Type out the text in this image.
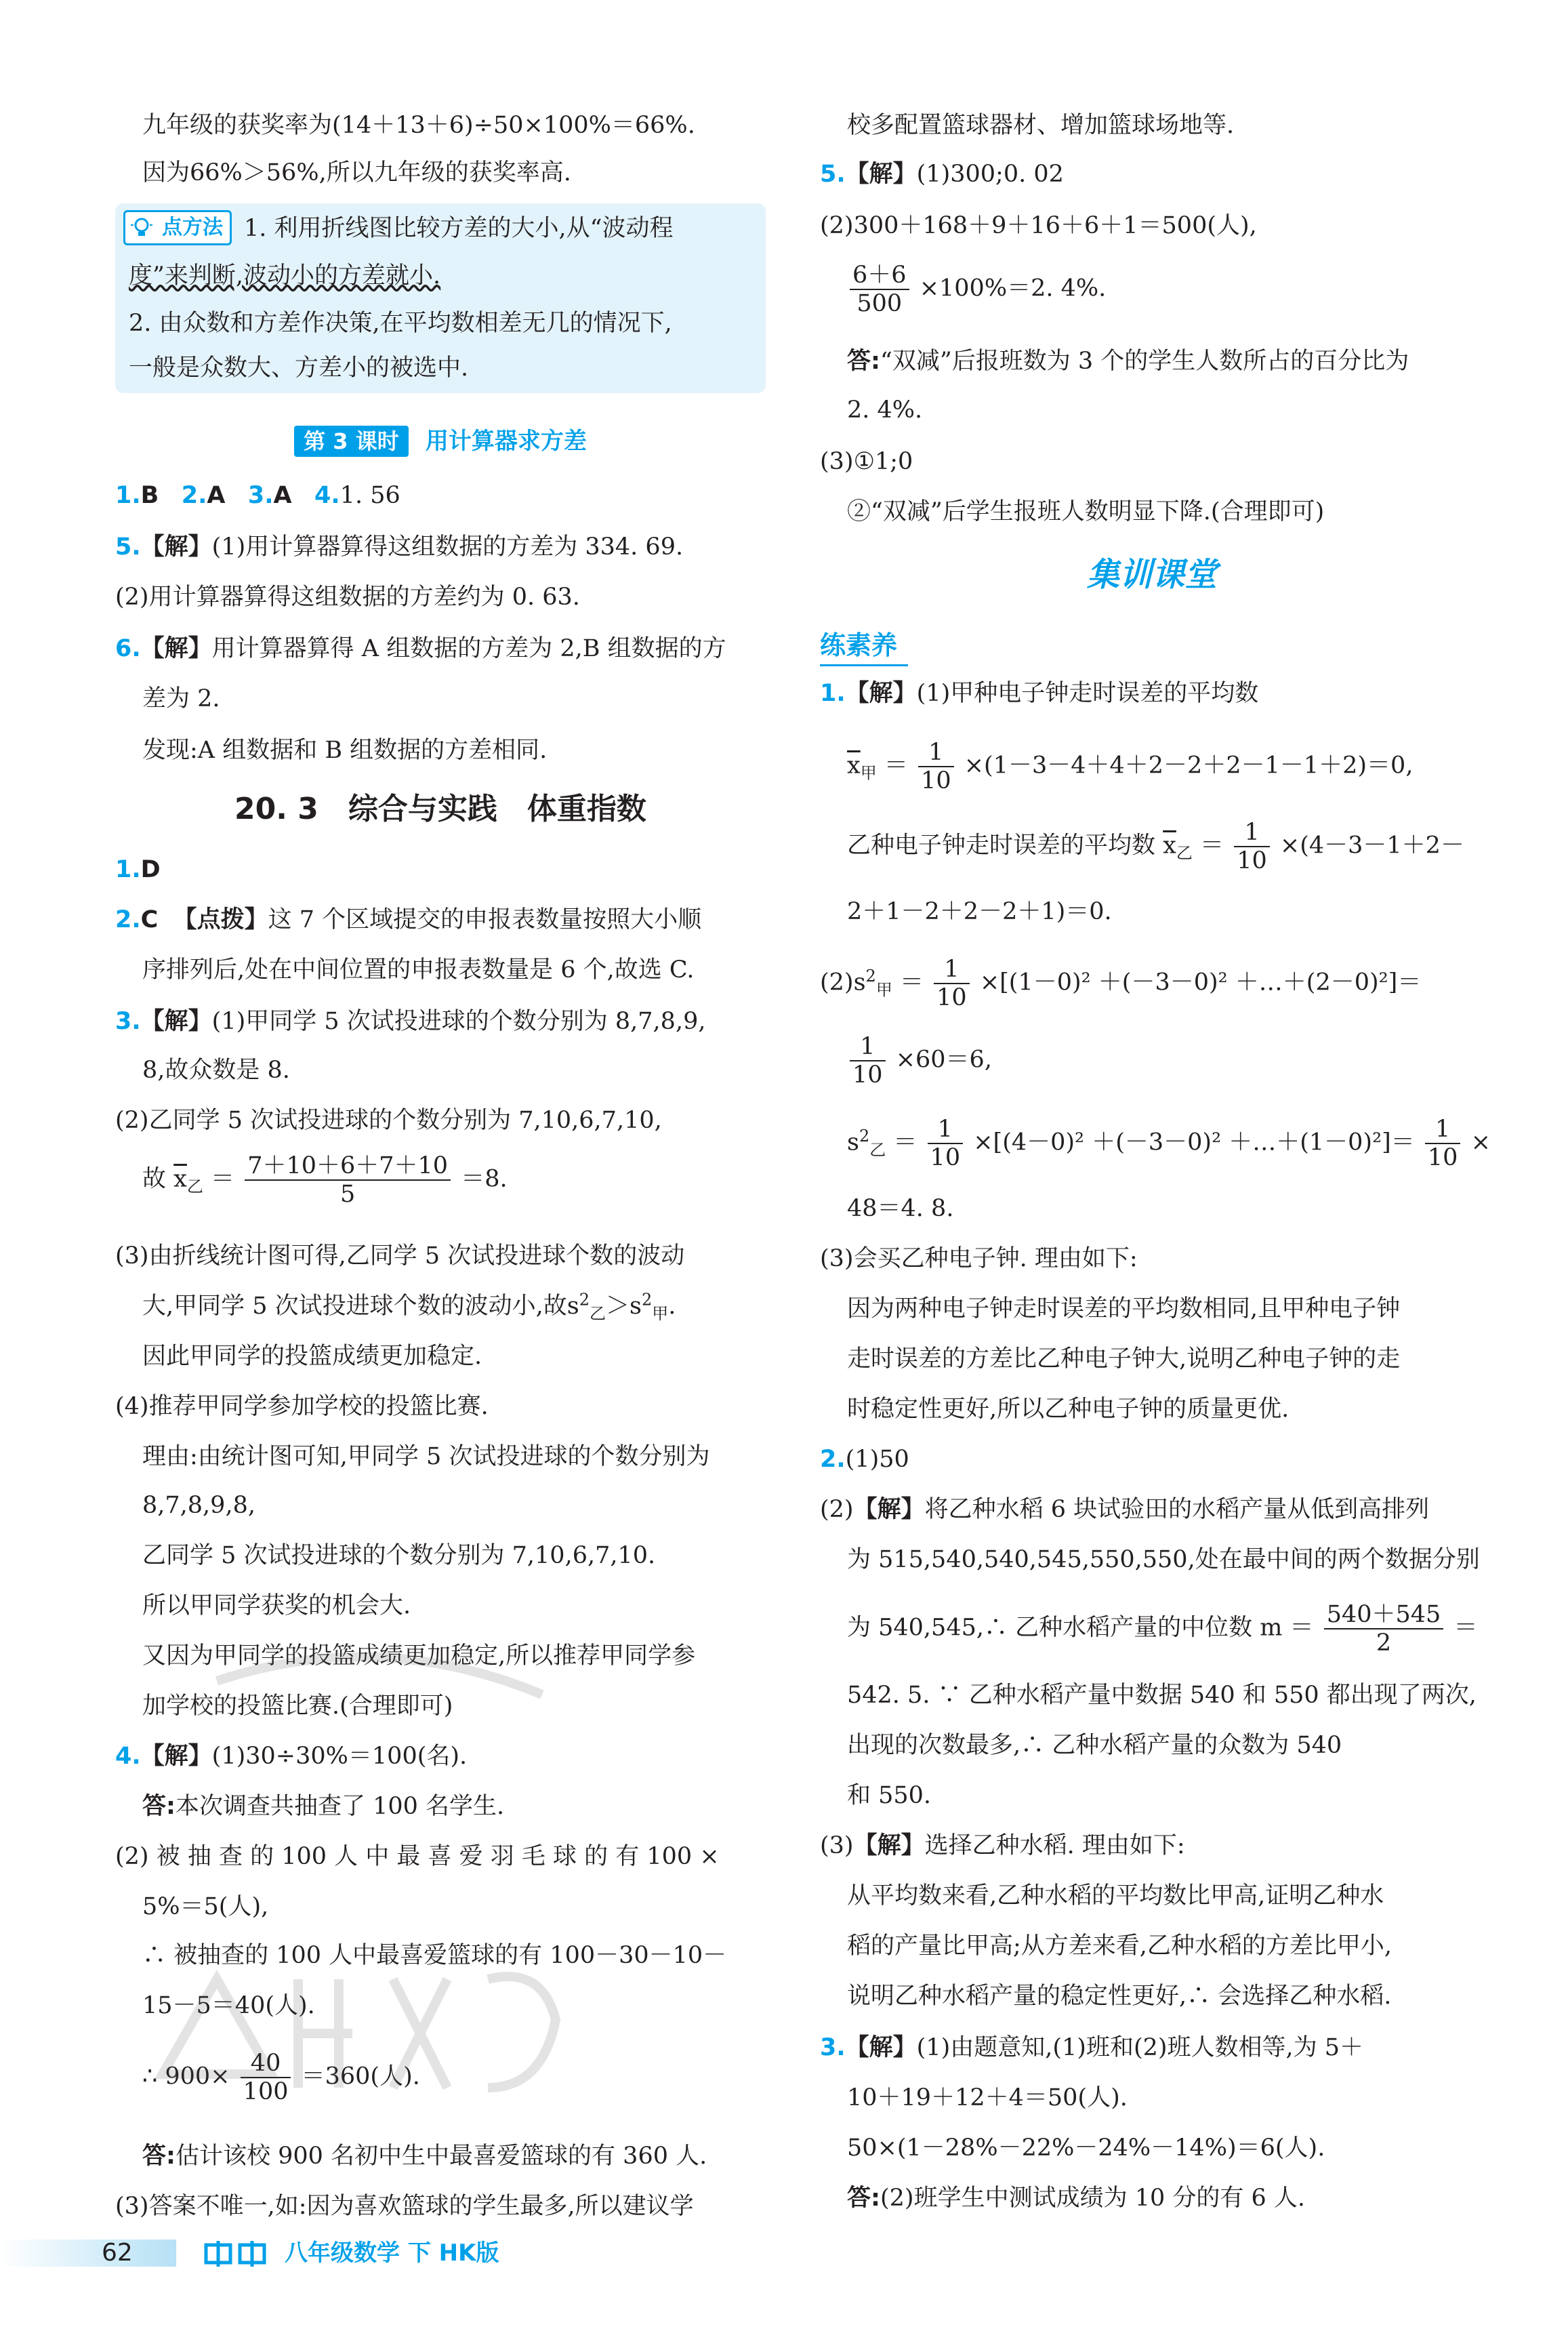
九年级的获奖率为(14＋13＋6)÷50×100%＝66%.
因为66%＞56%,所以九年级的获奖率高.
点方法 1. 利用折线图比较方差的大小,从“波动程
度”来判断,波动小的方差就小.
2. 由众数和方差作决策,在平均数相差无几的情况下,
一般是众数大、方差小的被选中.
第 3 课时 用计算器求方差
1.B 2.A 3.A 4.1. 56
5.【解】(1)用计算器算得这组数据的方差为 334. 69.
(2)用计算器算得这组数据的方差约为 0. 63.
6.【解】用计算器算得 A 组数据的方差为 2,B 组数据的方
差为 2.
发现:A 组数据和 B 组数据的方差相同.
20. 3　综合与实践　体重指数
1.D
2.C 【点拨】这 7 个区域提交的申报表数量按照大小顺
序排列后,处在中间位置的申报表数量是 6 个,故选 C.
3.【解】(1)甲同学 5 次试投进球的个数分别为 8,7,8,9,
8,故众数是 8.
(2)乙同学 5 次试投进球的个数分别为 7,10,6,7,10,
故 $\overline{x}_乙 = \frac{7+10+6+7+10}{5} =8$.
(3)由折线统计图可得,乙同学 5 次试投进球个数的波动
大,甲同学 5 次试投进球个数的波动小,故$s^2_乙>s^2_甲$.
因此甲同学的投篮成绩更加稳定.
(4)推荐甲同学参加学校的投篮比赛.
理由:由统计图可知,甲同学 5 次试投进球的个数分别为
8,7,8,9,8,
乙同学 5 次试投进球的个数分别为 7,10,6,7,10.
所以甲同学获奖的机会大.
又因为甲同学的投篮成绩更加稳定,所以推荐甲同学参
加学校的投篮比赛.(合理即可)
4.【解】(1)30÷30%＝100(名).
答:本次调查共抽查了 100 名学生.
(2) 被 抽 查 的 100 人 中 最 喜 爱 羽 毛 球 的 有 100 ×
5%＝5(人),
∴ 被抽查的 100 人中最喜爱篮球的有 100－30－10－
15－5＝40(人).
∴ $900\times \frac{40}{100} =360$(人).
答:估计该校 900 名初中生中最喜爱篮球的有 360 人.
(3)答案不唯一,如:因为喜欢篮球的学生最多,所以建议学
校多配置篮球器材、增加篮球场地等.
5.【解】(1)300;0. 02
(2)300＋168＋9＋16＋6＋1＝500(人),
$\frac{6+6}{500} \times 100\%=2$. 4%.
答:“双减”后报班数为 3 个的学生人数所占的百分比为
2. 4%.
(3)①1;0
②“双减”后学生报班人数明显下降.(合理即可)
集训课堂
练素养
1.【解】(1)甲种电子钟走时误差的平均数
$\overline{x}_甲 = \frac{1}{10} \times(1-3-4+4+2-2+2-1-1+2)=0$,
乙种电子钟走时误差的平均数 $\overline{x}_乙 = \frac{1}{10} \times(4-3-1+2-$
2＋1－2＋2－2＋1)＝0.
$(2)s^2_甲 = \frac{1}{10} \times[(1-0)^2 +(-3-0)^2$ ＋…＋(2－0)²]＝
$\frac{1}{10} \times 60=6$,
$s^2_乙 = \frac{1}{10} \times[(4-0)^2 +(-3-0)^2$ ＋…＋(1－0)²]＝ $\frac{1}{10}$ ×
48＝4. 8.
(3)会买乙种电子钟. 理由如下:
因为两种电子钟走时误差的平均数相同,且甲种电子钟
走时误差的方差比乙种电子钟大,说明乙种电子钟的走
时稳定性更好,所以乙种电子钟的质量更优.
2.(1)50
(2)【解】将乙种水稻 6 块试验田的水稻产量从低到高排列
为 515,540,540,545,550,550,处在最中间的两个数据分别
为 540,545,∴ 乙种水稻产量的中位数 $m = \frac{540+545}{2}$ ＝
542. 5. ∵ 乙种水稻产量中数据 540 和 550 都出现了两次,
出现的次数最多,∴ 乙种水稻产量的众数为 540
和 550.
(3)【解】选择乙种水稻. 理由如下:
从平均数来看,乙种水稻的平均数比甲高,证明乙种水
稻的产量比甲高;从方差来看,乙种水稻的方差比甲小,
说明乙种水稻产量的稳定性更好,∴ 会选择乙种水稻.
3.【解】(1)由题意知,(1)班和(2)班人数相等,为 5＋
10＋19＋12＋4＝50(人).
50×(1－28%－22%－24%－14%)＝6(人).
答:(2)班学生中测试成绩为 10 分的有 6 人.
62	八年级数学 下 HK版
